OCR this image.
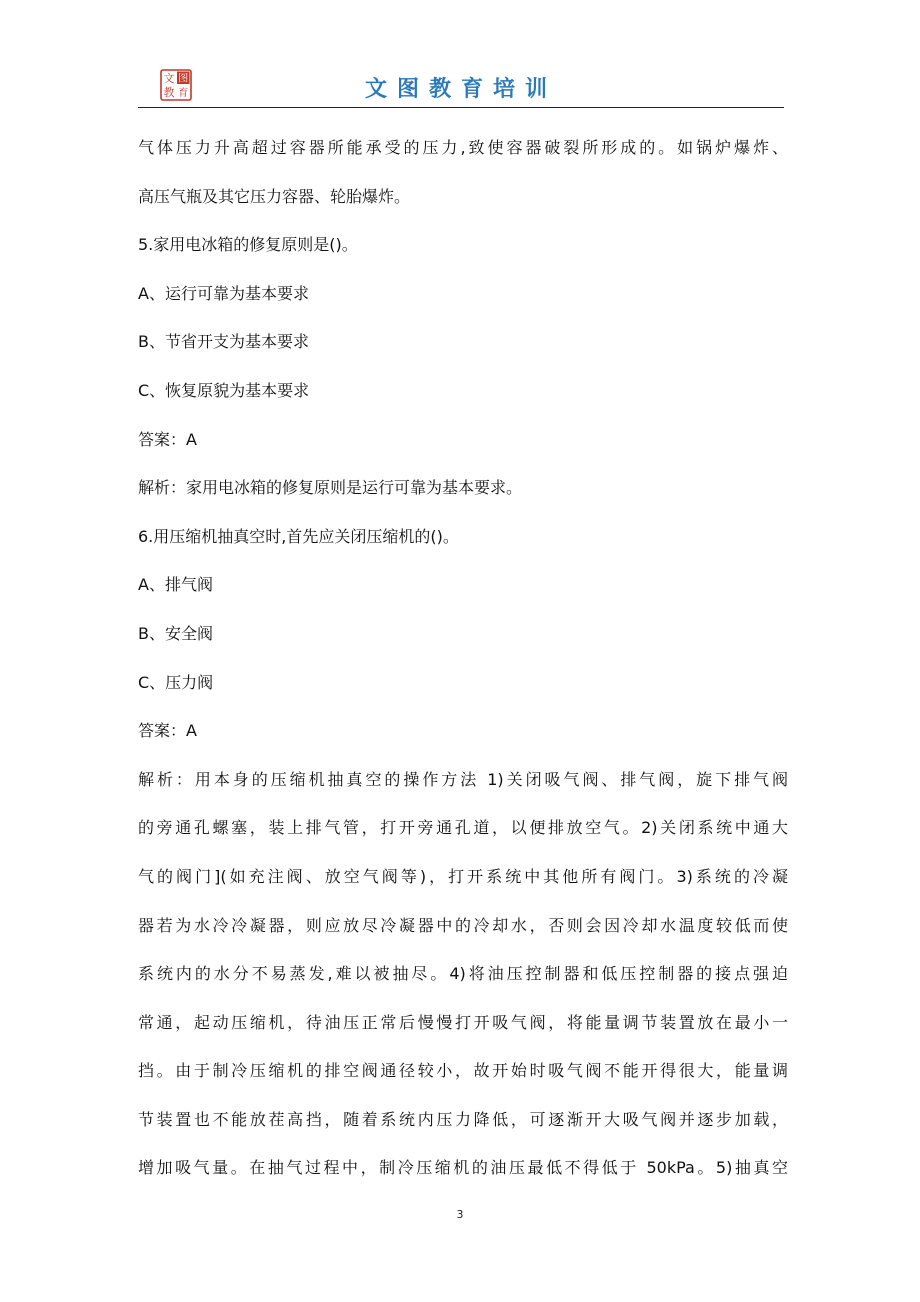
图
文
育
教	文图教育培训
气体压力升高超过容器所能承受的压力,致使容器破裂所形成的。如锅炉爆炸、
高压气瓶及其它压力容器、轮胎爆炸。
5.家用电冰箱的修复原则是()。
A、运行可靠为基本要求
B、节省开支为基本要求
C、恢复原貌为基本要求
答案：A
解析：家用电冰箱的修复原则是运行可靠为基本要求。
6.用压缩机抽真空时,首先应关闭压缩机的()。
A、排气阀
B、安全阀
C、压力阀
答案：A
解析：用本身的压缩机抽真空的操作方法 1)关闭吸气阀、排气阀，旋下排气阀
的旁通孔螺塞，装上排气管，打开旁通孔道，以便排放空气。2)关闭系统中通大
气的阀门](如充注阀、放空气阀等)，打开系统中其他所有阀门。3)系统的冷凝
器若为水冷冷凝器，则应放尽冷凝器中的冷却水，否则会因冷却水温度较低而使
系统内的水分不易蒸发,难以被抽尽。4)将油压控制器和低压控制器的接点强迫
常通，起动压缩机，待油压正常后慢慢打开吸气阀，将能量调节装置放在最小一
挡。由于制冷压缩机的排空阀通径较小，故开始时吸气阀不能开得很大，能量调
节装置也不能放茬高挡，随着系统内压力降低，可逐渐开大吸气阀并逐步加载，
增加吸气量。在抽气过程中，制冷压缩机的油压最低不得低于 50kPa。5)抽真空
3
